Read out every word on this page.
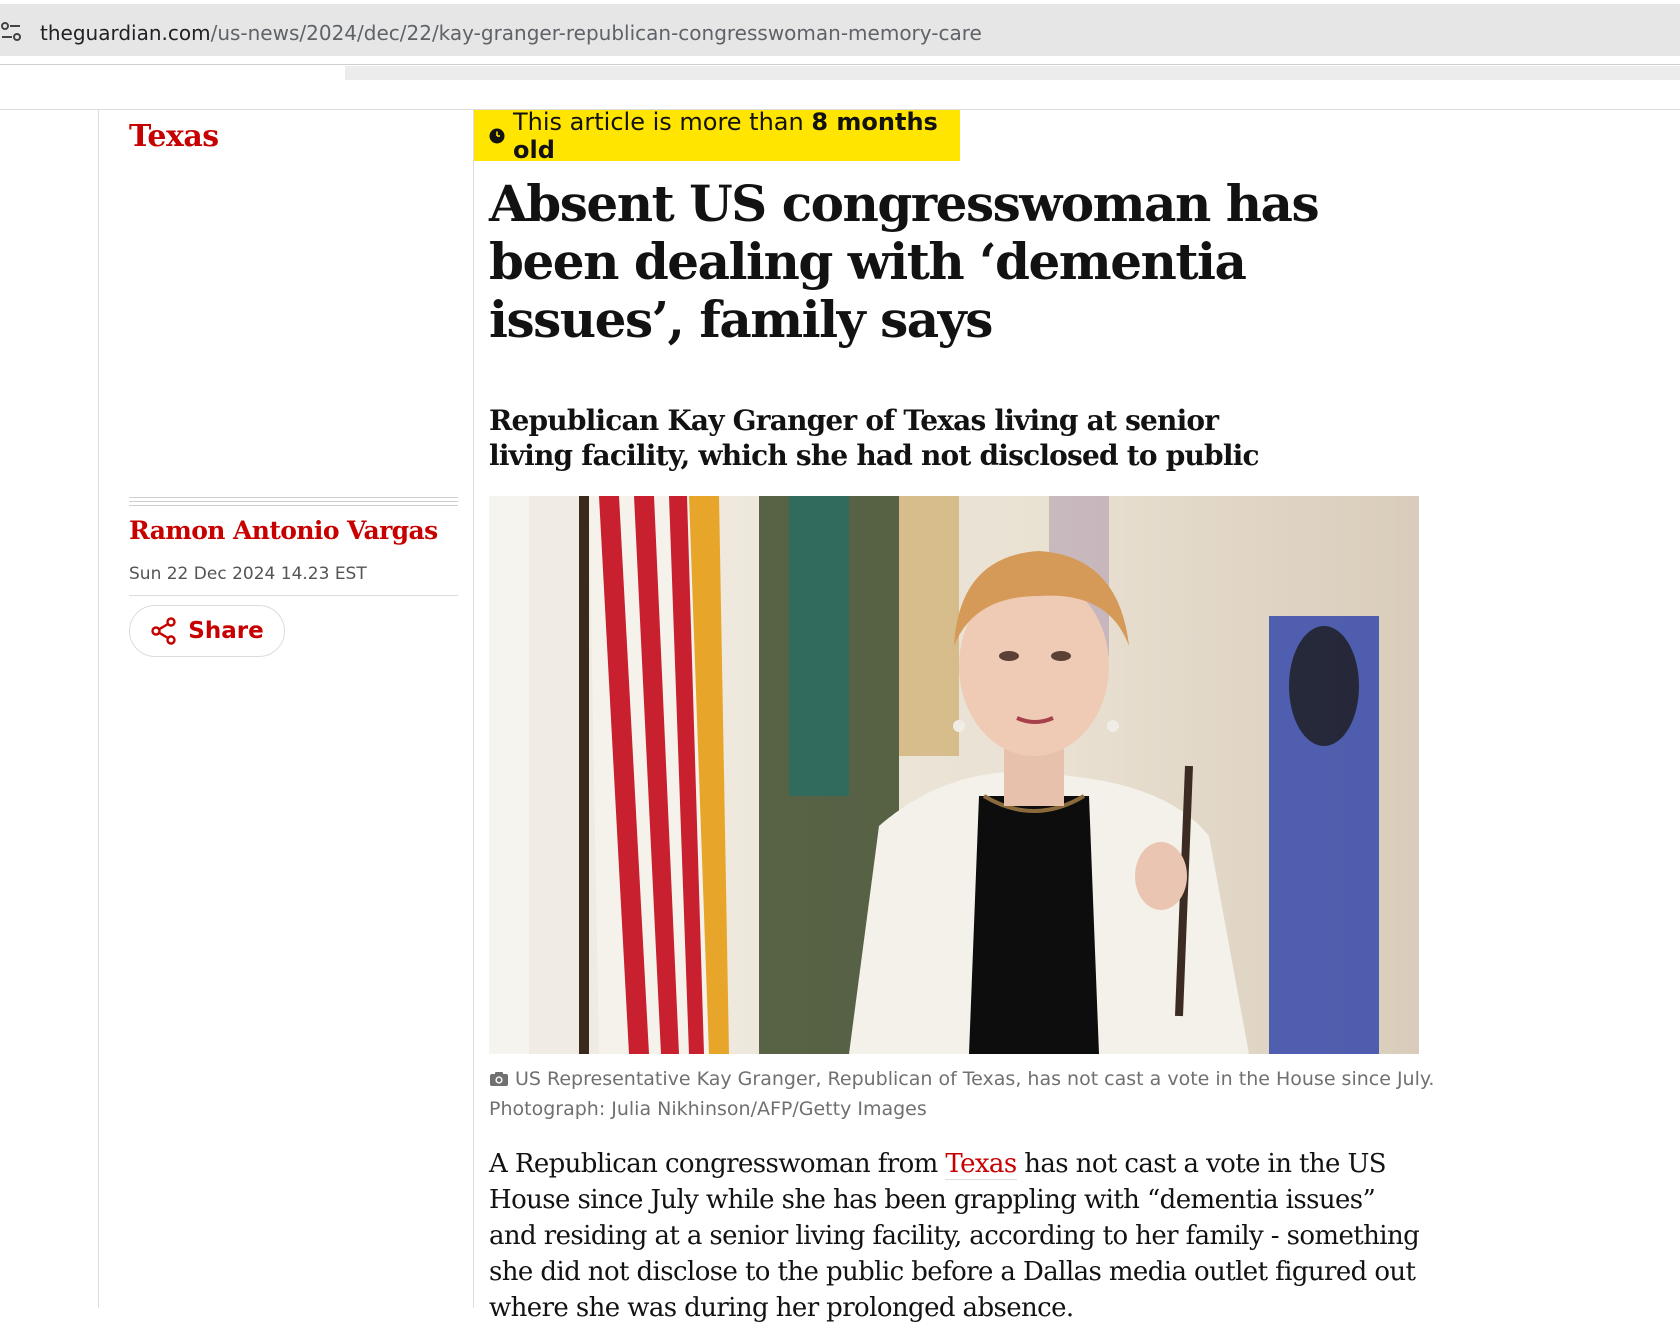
theguardian.com/us-news/2024/dec/22/kay-granger-republican-congresswoman-memory-care
Texas
Ramon Antonio Vargas
Sun 22 Dec 2024 14.23 EST
Share
This article is more than 8 months old
Absent US congresswoman has been dealing with ‘dementia issues’, family says

Republican Kay Granger of Texas living at senior living facility, which she had not disclosed to public

US Representative Kay Granger, Republican of Texas, has not cast a vote in the House since July.
Photograph: Julia Nikhinson/AFP/Getty Images

A Republican congresswoman from Texas has not cast a vote in the US House since July while she has been grappling with “dementia issues” and residing at a senior living facility, according to her family - something she did not disclose to the public before a Dallas media outlet figured out where she was during her prolonged absence.
